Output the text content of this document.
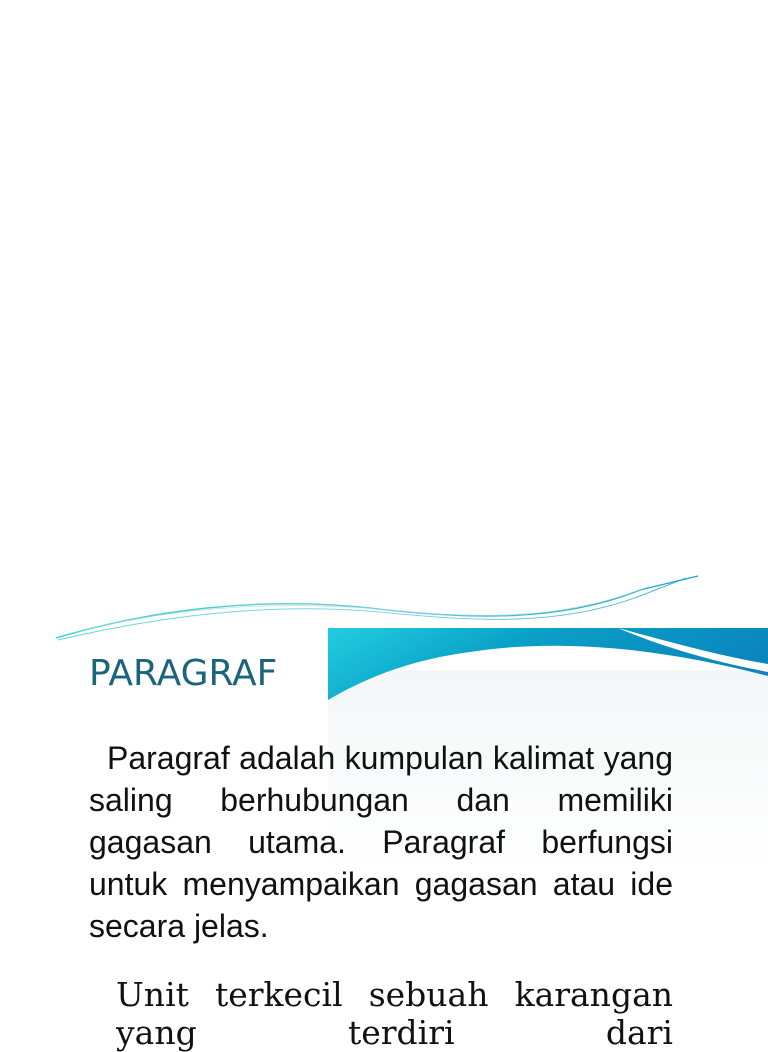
PARAGRAF

Paragraf adalah kumpulan kalimat yang saling berhubungan dan memiliki gagasan utama. Paragraf berfungsi untuk menyampaikan gagasan atau ide secara jelas.

Unit terkecil sebuah karangan yang terdiri dari
